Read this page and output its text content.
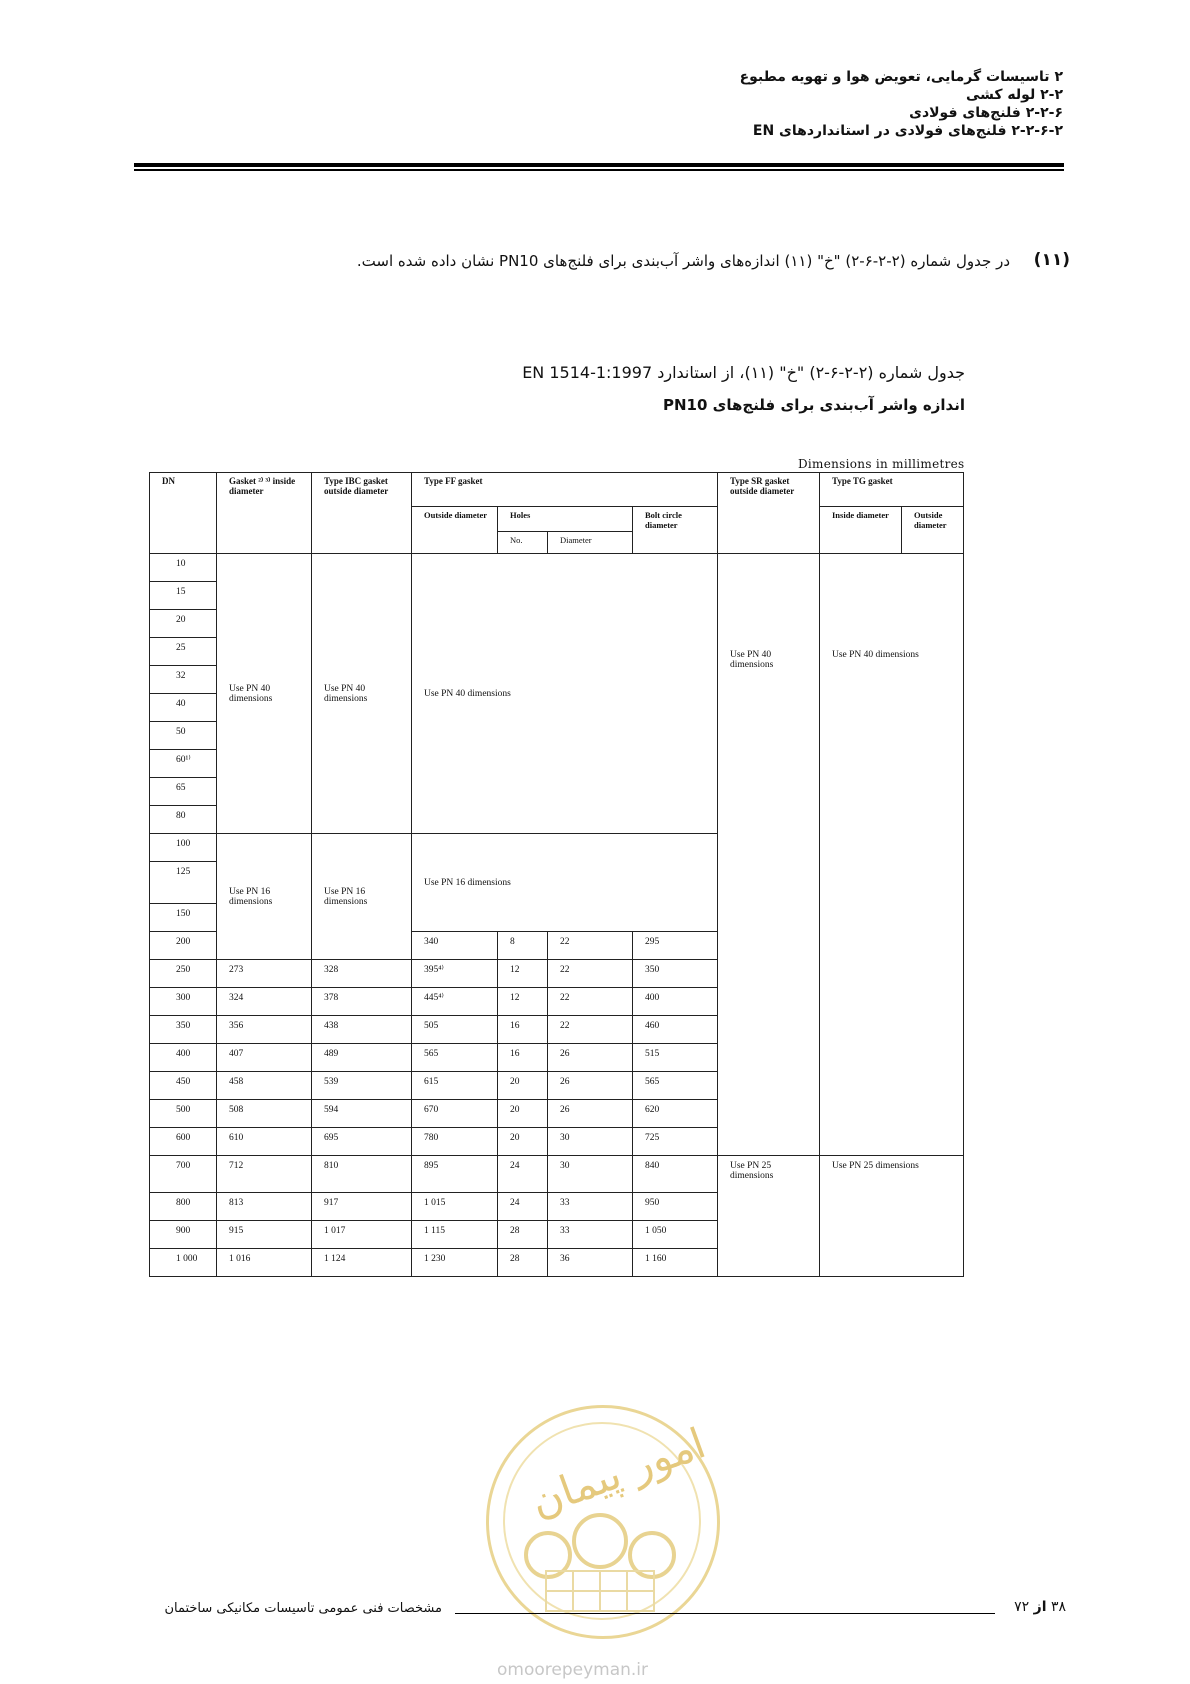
۲ تاسیسات گرمایی، تعویض هوا و تهویه مطبوع
۲-۲ لوله کشی
۲-۲-۶ فلنج‌های فولادی
۲-۲-۶-۲ فلنج‌های فولادی در استانداردهای EN
(۱۱)
در جدول شماره (۲-۲-۶-۲) "خ" (۱۱) اندازه‌های واشر آب‌بندی برای فلنج‌های PN10 نشان داده شده است.
جدول شماره (۲-۲-۶-۲) "خ" (۱۱)، از استاندارد EN 1514-1:1997
اندازه واشر آب‌بندی برای فلنج‌های PN10
Dimensions in millimetres
DN	Gasket ²⁾ ³⁾ inside diameter	Type IBC gasket outside diameter	Type FF gasket				Type SR gasket outside diameter	Type TG gasket	
			Outside diameter	Holes		Bolt circle diameter		Inside diameter	Outside diameter
				No.	Diameter				
10	Use PN 40 dimensions	Use PN 40 dimensions	Use PN 40 dimensions				Use PN 40 dimensions	Use PN 40 dimensions	
15									
20									
25									
32									
40									
50									
60¹⁾									
65									
80									
100	Use PN 16 dimensions	Use PN 16 dimensions	Use PN 16 dimensions						
125									
150									
200			340	8	22	295			
250	273	328	395⁴⁾	12	22	350			
300	324	378	445⁴⁾	12	22	400			
350	356	438	505	16	22	460			
400	407	489	565	16	26	515			
450	458	539	615	20	26	565			
500	508	594	670	20	26	620			
600	610	695	780	20	30	725			
700	712	810	895	24	30	840	Use PN 25 dimensions	Use PN 25 dimensions	
800	813	917	1 015	24	33	950			
900	915	1 017	1 115	28	33	1 050			
1 000	1 016	1 124	1 230	28	36	1 160			
امور پیمان
omoorepeyman.ir
مشخصات فنی عمومی تاسیسات مکانیکی ساختمان	۳۸ از ۷۲
